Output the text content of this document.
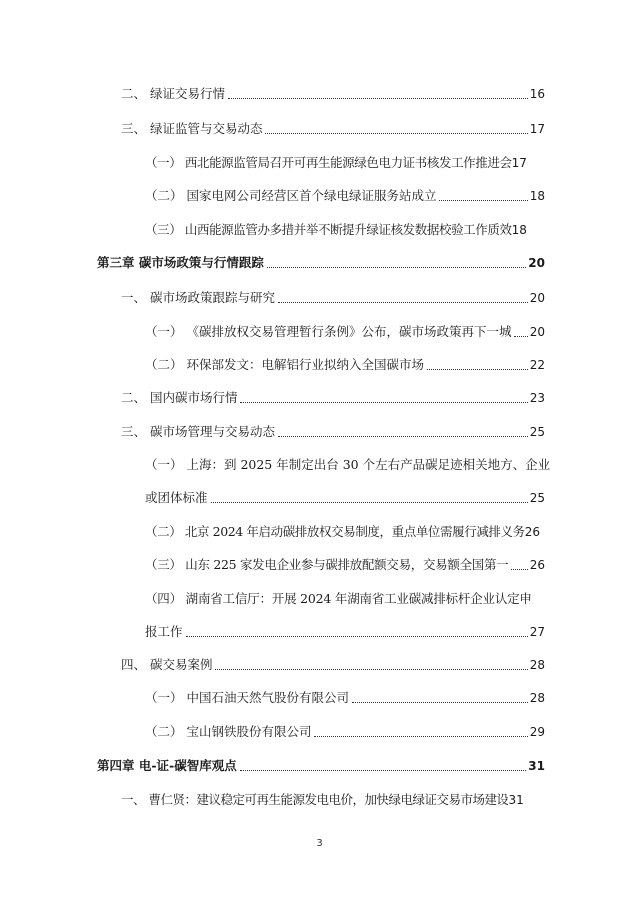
二、 绿证交易行情	16
三、 绿证监管与交易动态	17
（一） 西北能源监管局召开可再生能源绿色电力证书核发工作推进会 17
（二） 国家电网公司经营区首个绿电绿证服务站成立	18
（三） 山西能源监管办多措并举不断提升绿证核发数据校验工作质效 18
第三章 碳市场政策与行情跟踪	20
一、 碳市场政策跟踪与研究	20
（一） 《碳排放权交易管理暂行条例》公布，碳市场政策再下一城 20
（二） 环保部发文：电解铝行业拟纳入全国碳市场	22
二、 国内碳市场行情	23
三、 碳市场管理与交易动态	25
（一） 上海：到 2025 年制定出台 30 个左右产品碳足迹相关地方、企业
或团体标准	25
（二） 北京 2024 年启动碳排放权交易制度，重点单位需履行减排义务 26
（三） 山东 225 家发电企业参与碳排放配额交易，交易额全国第一 26
（四） 湖南省工信厅：开展 2024 年湖南省工业碳减排标杆企业认定申
报工作	27
四、 碳交易案例	28
（一） 中国石油天然气股份有限公司	28
（二） 宝山钢铁股份有限公司	29
第四章 电-证-碳智库观点	31
一、 曹仁贤：建议稳定可再生能源发电电价，加快绿电绿证交易市场建设 31
3
